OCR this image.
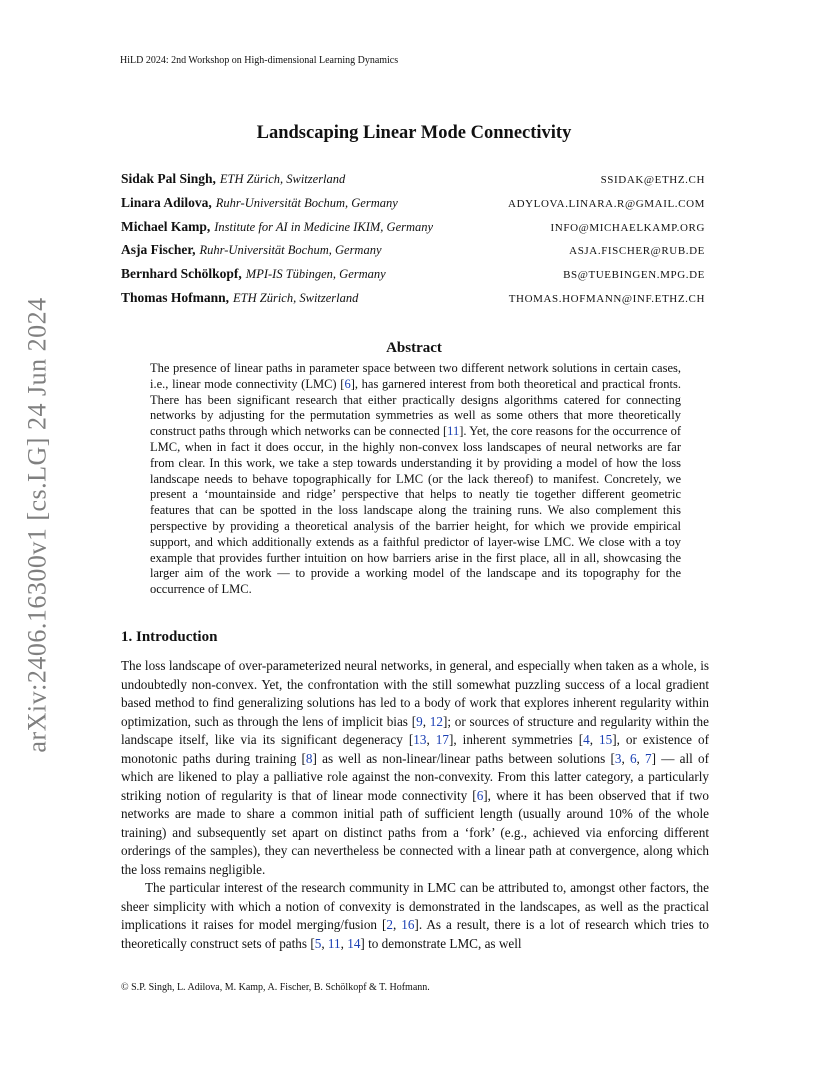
HiLD 2024: 2nd Workshop on High-dimensional Learning Dynamics
arXiv:2406.16300v1 [cs.LG] 24 Jun 2024
Landscaping Linear Mode Connectivity
Sidak Pal Singh, ETH Zürich, Switzerland	SSIDAK@ETHZ.CH
Linara Adilova, Ruhr-Universität Bochum, Germany	ADYLOVA.LINARA.R@GMAIL.COM
Michael Kamp, Institute for AI in Medicine IKIM, Germany	INFO@MICHAELKAMP.ORG
Asja Fischer, Ruhr-Universität Bochum, Germany	ASJA.FISCHER@RUB.DE
Bernhard Schölkopf, MPI-IS Tübingen, Germany	BS@TUEBINGEN.MPG.DE
Thomas Hofmann, ETH Zürich, Switzerland	THOMAS.HOFMANN@INF.ETHZ.CH
Abstract

The presence of linear paths in parameter space between two different network solutions in certain cases, i.e., linear mode connectivity (LMC) [6], has garnered interest from both theoretical and practical fronts. There has been significant research that either practically designs algorithms catered for connecting networks by adjusting for the permutation symmetries as well as some others that more theoretically construct paths through which networks can be connected [11]. Yet, the core reasons for the occurrence of LMC, when in fact it does occur, in the highly non-convex loss landscapes of neural networks are far from clear. In this work, we take a step towards understanding it by providing a model of how the loss landscape needs to behave topographically for LMC (or the lack thereof) to manifest. Concretely, we present a ‘mountainside and ridge’ perspective that helps to neatly tie together different geometric features that can be spotted in the loss landscape along the training runs. We also complement this perspective by providing a theoretical analysis of the barrier height, for which we provide empirical support, and which additionally extends as a faithful predictor of layer-wise LMC. We close with a toy example that provides further intuition on how barriers arise in the first place, all in all, showcasing the larger aim of the work — to provide a working model of the landscape and its topography for the occurrence of LMC.

1. Introduction

The loss landscape of over-parameterized neural networks, in general, and especially when taken as a whole, is undoubtedly non-convex. Yet, the confrontation with the still somewhat puzzling success of a local gradient based method to find generalizing solutions has led to a body of work that explores inherent regularity within optimization, such as through the lens of implicit bias [9, 12]; or sources of structure and regularity within the landscape itself, like via its significant degeneracy [13, 17], inherent symmetries [4, 15], or existence of monotonic paths during training [8] as well as non-linear/linear paths between solutions [3, 6, 7] — all of which are likened to play a palliative role against the non-convexity. From this latter category, a particularly striking notion of regularity is that of linear mode connectivity [6], where it has been observed that if two networks are made to share a common initial path of sufficient length (usually around 10% of the whole training) and subsequently set apart on distinct paths from a ‘fork’ (e.g., achieved via enforcing different orderings of the samples), they can nevertheless be connected with a linear path at convergence, along which the loss remains negligible.

The particular interest of the research community in LMC can be attributed to, amongst other factors, the sheer simplicity with which a notion of convexity is demonstrated in the landscapes, as well as the practical implications it raises for model merging/fusion [2, 16]. As a result, there is a lot of research which tries to theoretically construct sets of paths [5, 11, 14] to demonstrate LMC, as well

© S.P. Singh, L. Adilova, M. Kamp, A. Fischer, B. Schölkopf & T. Hofmann.
